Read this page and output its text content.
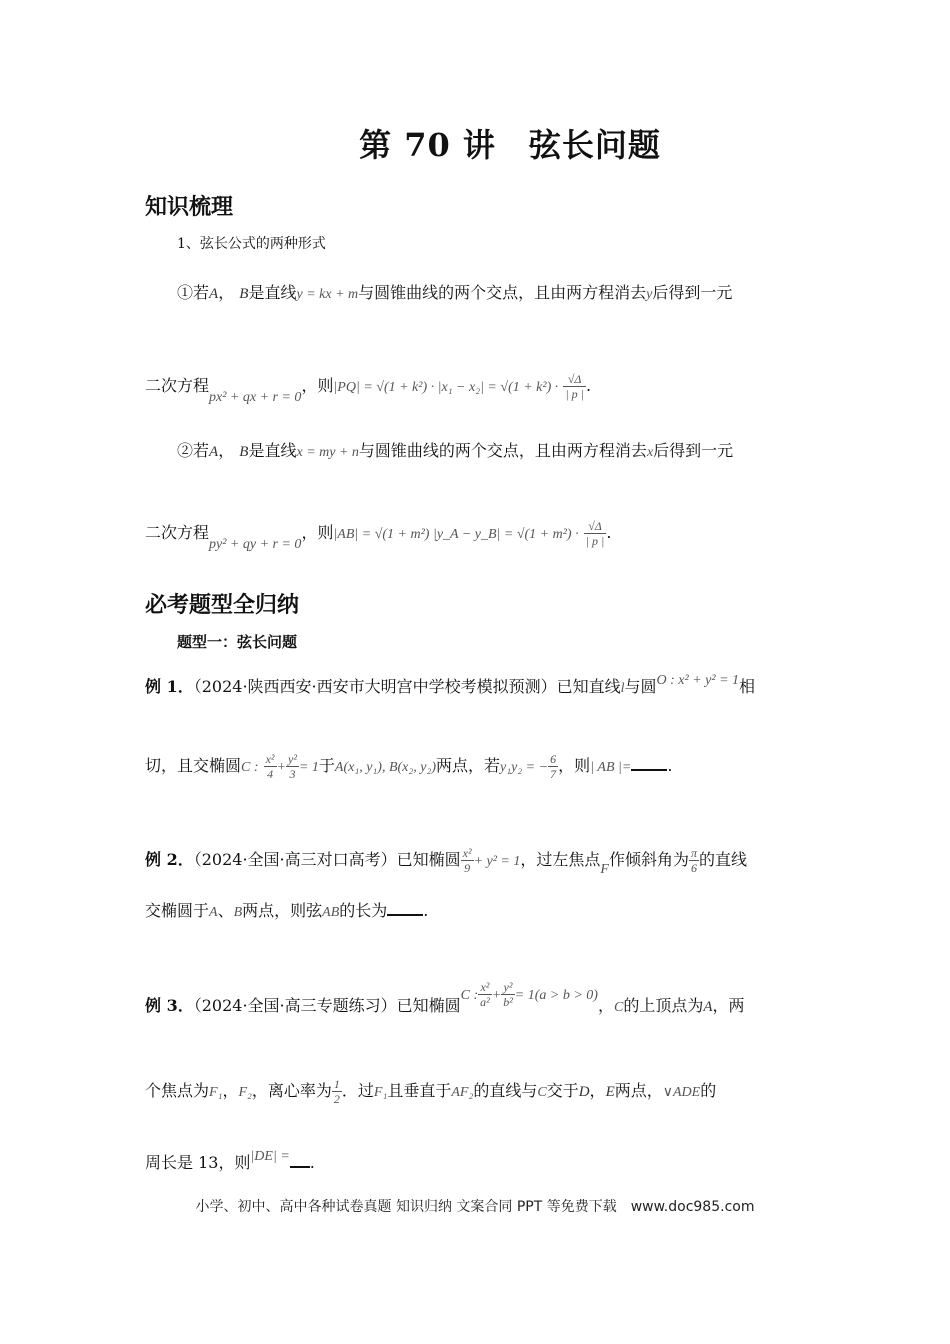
第 70 讲　弦长问题
知识梳理
1、弦长公式的两种形式
①若A， B是直线y = kx + m与圆锥曲线的两个交点，且由两方程消去y后得到一元
二次方程px² + qx + r = 0，则$|PQ| = √(1 + k^2) \cdot |x_1 - x_2| = √(1 + k^2) \cdot \frac{√\Delta}{| p |}$ .
②若A， B是直线x = my + n与圆锥曲线的两个交点，且由两方程消去x后得到一元
二次方程py² + qy + r = 0，则|AB| = √(1 + m²) |y_A − y_B| = $√(1 + m^2) \cdot \frac{√\Delta}{| p |}$ .
必考题型全归纳
题型一：弦长问题
例 1．（2024·陕西西安·西安市大明宫中学校考模拟预测）已知直线l与圆O : x² + y² = 1相
切，且交椭圆C : $\frac{\text{x²}}{4} + \frac{\text{y²}}{3} = 1$于A(x₁, y₁), B(x₂, y₂)两点，若y₁y₂ = − $\frac{6}{7}$ ，则| AB |= .
例 2．（2024·全国·高三对口高考）已知椭圆 $\frac{\text{x²}}{9} + y^2 = 1$，过左焦点F作倾斜角为 $\frac{\pi}{6}$ 的直线
交椭圆于A、B两点，则弦AB的长为 .
例 3．（2024·全国·高三专题练习）已知椭圆C : $\frac{\text{x²}}{\text{a²}} + \frac{\text{y²}}{\text{b²}} = 1(a > b > 0)$，C的上顶点为A，两
个焦点为F₁，F₂，离心率为 $\frac{1}{2}$ ．过F₁且垂直于AF₂的直线与C交于D，E两点，∨ADE的
周长是 13，则|DE| = .
小学、初中、高中各种试卷真题 知识归纳 文案合同 PPT 等免费下载　www.doc985.com
